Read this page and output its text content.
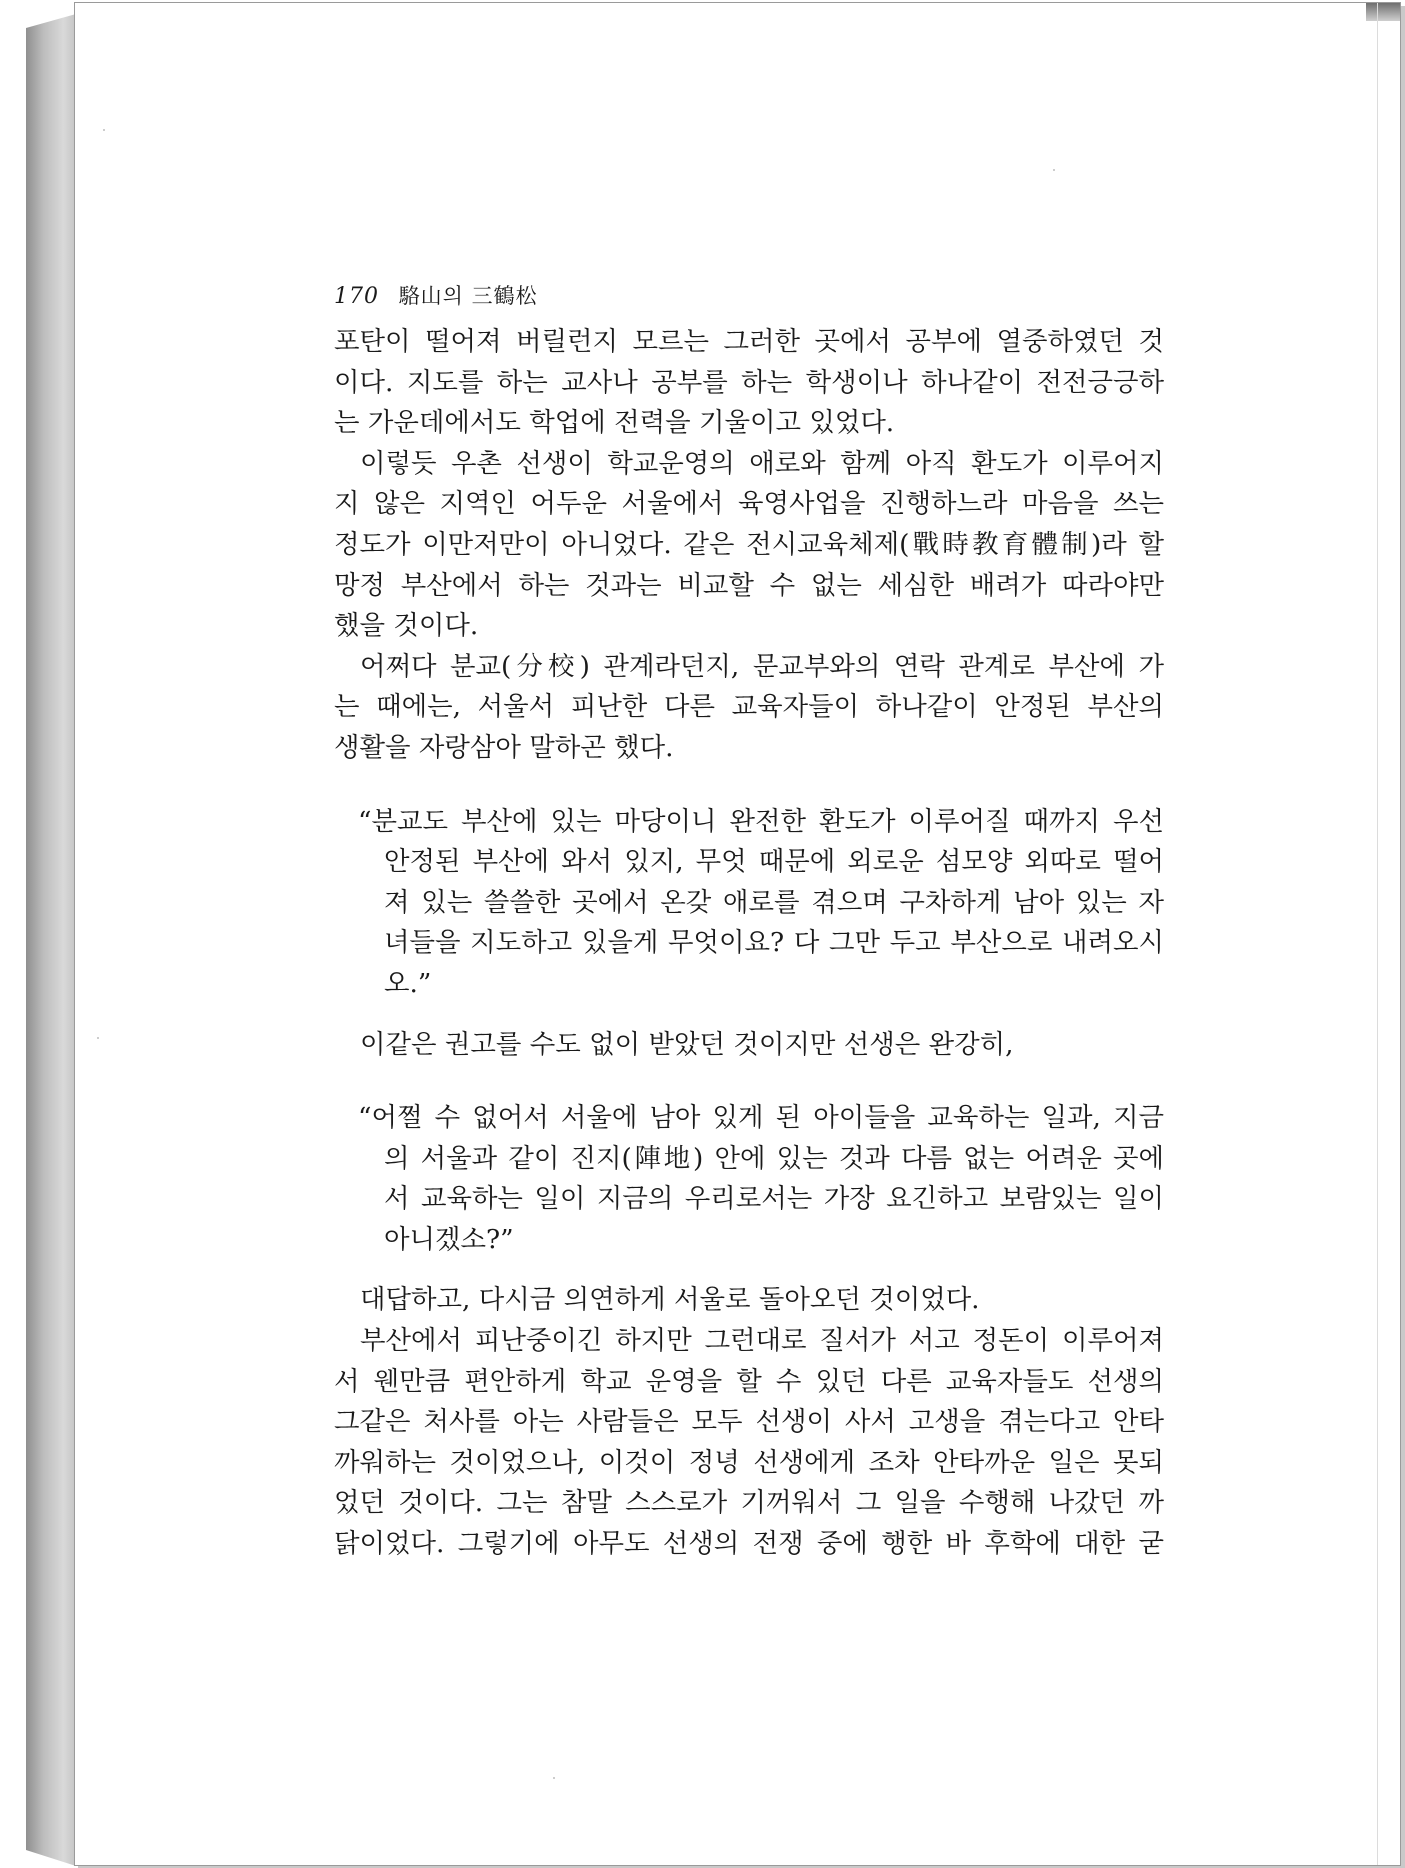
170 駱山의 三鶴松
포탄이 떨어져 버릴런지 모르는 그러한 곳에서 공부에 열중하였던 것
이다. 지도를 하는 교사나 공부를 하는 학생이나 하나같이 전전긍긍하
는 가운데에서도 학업에 전력을 기울이고 있었다.
이렇듯 우촌 선생이 학교운영의 애로와 함께 아직 환도가 이루어지
지 않은 지역인 어두운 서울에서 육영사업을 진행하느라 마음을 쓰는
정도가 이만저만이 아니었다. 같은 전시교육체제(戰時教育體制)라 할
망정 부산에서 하는 것과는 비교할 수 없는 세심한 배려가 따라야만
했을 것이다.
어쩌다 분교(分校) 관계라던지, 문교부와의 연락 관계로 부산에 가
는 때에는, 서울서 피난한 다른 교육자들이 하나같이 안정된 부산의
생활을 자랑삼아 말하곤 했다.
“분교도 부산에 있는 마당이니 완전한 환도가 이루어질 때까지 우선
안정된 부산에 와서 있지, 무엇 때문에 외로운 섬모양 외따로 떨어
져 있는 쓸쓸한 곳에서 온갖 애로를 겪으며 구차하게 남아 있는 자
녀들을 지도하고 있을게 무엇이요? 다 그만 두고 부산으로 내려오시
오.”
이같은 권고를 수도 없이 받았던 것이지만 선생은 완강히,
“어쩔 수 없어서 서울에 남아 있게 된 아이들을 교육하는 일과, 지금
의 서울과 같이 진지(陣地) 안에 있는 것과 다름 없는 어려운 곳에
서 교육하는 일이 지금의 우리로서는 가장 요긴하고 보람있는 일이
아니겠소?”
대답하고, 다시금 의연하게 서울로 돌아오던 것이었다.
부산에서 피난중이긴 하지만 그런대로 질서가 서고 정돈이 이루어져
서 웬만큼 편안하게 학교 운영을 할 수 있던 다른 교육자들도 선생의
그같은 처사를 아는 사람들은 모두 선생이 사서 고생을 겪는다고 안타
까워하는 것이었으나, 이것이 정녕 선생에게 조차 안타까운 일은 못되
었던 것이다. 그는 참말 스스로가 기꺼워서 그 일을 수행해 나갔던 까
닭이었다. 그렇기에 아무도 선생의 전쟁 중에 행한 바 후학에 대한 굳
